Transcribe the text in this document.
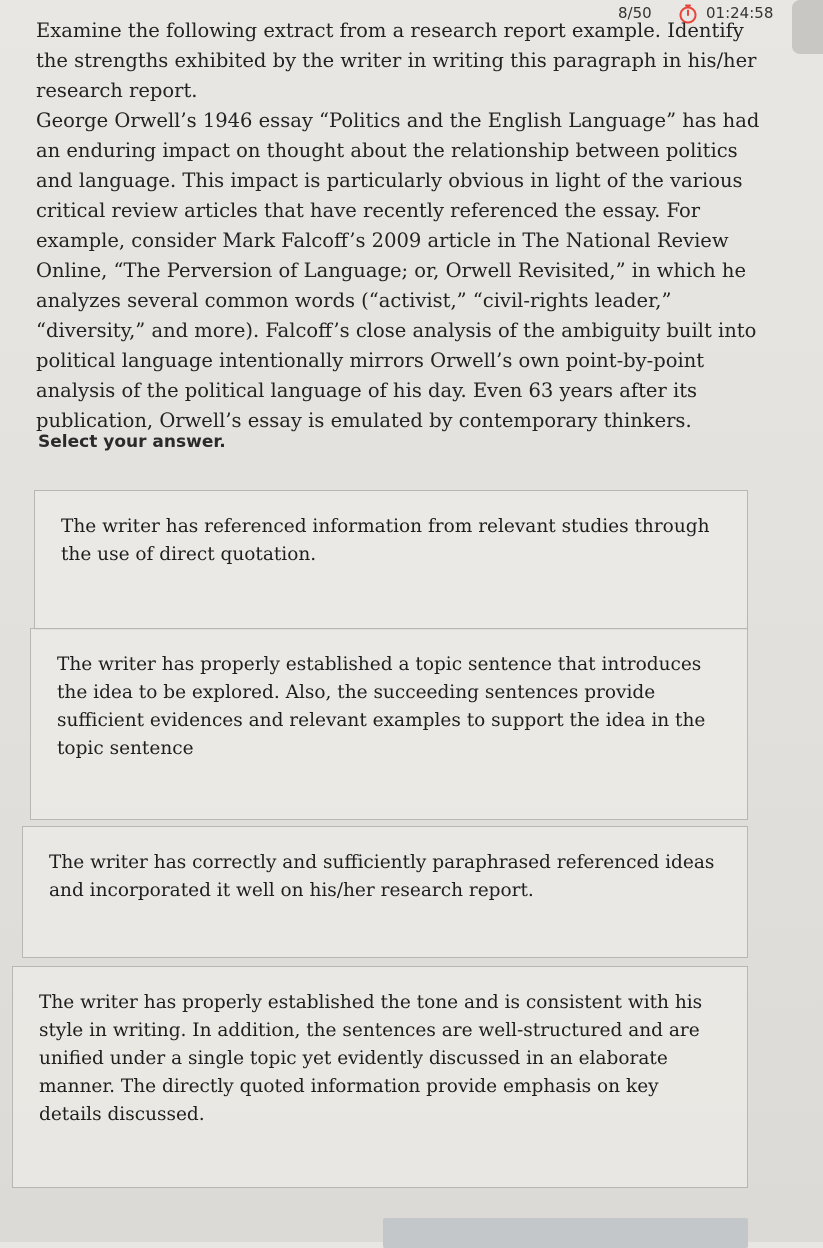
8/50	01:24:58

Examine the following extract from a research report example. Identify the strengths exhibited by the writer in writing this paragraph in his/her research report.

George Orwell’s 1946 essay “Politics and the English Language” has had an enduring impact on thought about the relationship between politics and language. This impact is particularly obvious in light of the various critical review articles that have recently referenced the essay. For example, consider Mark Falcoff’s 2009 article in The National Review Online, “The Perversion of Language; or, Orwell Revisited,” in which he analyzes several common words (“activist,” “civil-rights leader,” “diversity,” and more). Falcoff’s close analysis of the ambiguity built into political language intentionally mirrors Orwell’s own point-by-point analysis of the political language of his day. Even 63 years after its publication, Orwell’s essay is emulated by contemporary thinkers.

Select your answer.
The writer has referenced information from relevant studies through the use of direct quotation.
The writer has properly established a topic sentence that introduces the idea to be explored. Also, the succeeding sentences provide sufficient evidences and relevant examples to support the idea in the topic sentence
The writer has correctly and sufficiently paraphrased referenced ideas and incorporated it well on his/her research report.
The writer has properly established the tone and is consistent with his style in writing. In addition, the sentences are well-structured and are unified under a single topic yet evidently discussed in an elaborate manner. The directly quoted information provide emphasis on key details discussed.
